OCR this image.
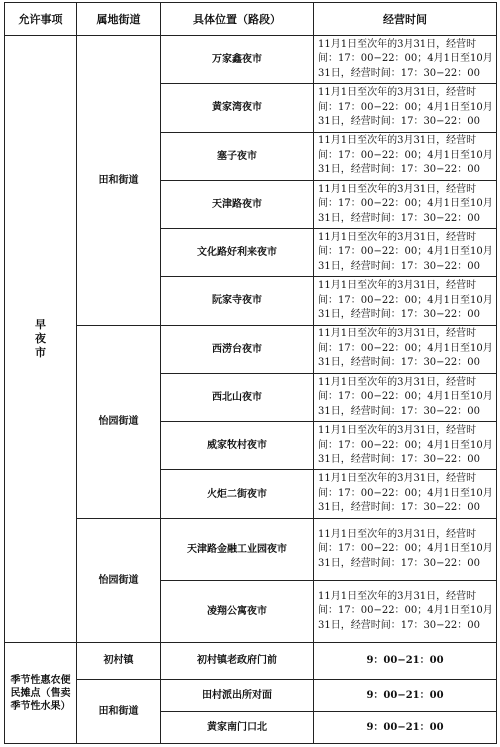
允许事项	属地街道	具体位置（路段）	经营时间

早
夜
市	田和街道	万家鑫夜市	11月1日至次年的3月31日，经营时间：17：00−22：00；4月1日至10月31日，经营时间：17：30−22：00
		黄家湾夜市	11月1日至次年的3月31日，经营时间：17：00−22：00；4月1日至10月31日，经营时间：17：30−22：00
		塞子夜市	11月1日至次年的3月31日，经营时间：17：00−22：00；4月1日至10月31日，经营时间：17：30−22：00
		天津路夜市	11月1日至次年的3月31日，经营时间：17：00−22：00；4月1日至10月31日，经营时间：17：30−22：00
		文化路好利来夜市	11月1日至次年的3月31日，经营时间：17：00−22：00；4月1日至10月31日，经营时间：17：30−22：00
		阮家寺夜市	11月1日至次年的3月31日，经营时间：17：00−22：00；4月1日至10月31日，经营时间：17：30−22：00
	怡园街道	西涝台夜市	11月1日至次年的3月31日，经营时间：17：00−22：00；4月1日至10月31日，经营时间：17：30−22：00
		西北山夜市	11月1日至次年的3月31日，经营时间：17：00−22：00；4月1日至10月31日，经营时间：17：30−22：00
		威家牧村夜市	11月1日至次年的3月31日，经营时间：17：00−22：00；4月1日至10月31日，经营时间：17：30−22：00
		火炬二街夜市	11月1日至次年的3月31日，经营时间：17：00−22：00；4月1日至10月31日，经营时间：17：30−22：00
	怡园街道	天津路金融工业园夜市	11月1日至次年的3月31日，经营时间：17：00−22：00；4月1日至10月31日，经营时间：17：30−22：00
		凌翔公寓夜市	11月1日至次年的3月31日，经营时间：17：00−22：00；4月1日至10月31日，经营时间：17：30−22：00
季节性惠农便民摊点（售卖季节性水果）	初村镇	初村镇老政府门前	9：00−21：00
	田和街道	田村派出所对面	9：00−21：00
		黄家南门口北	9：00−21：00
